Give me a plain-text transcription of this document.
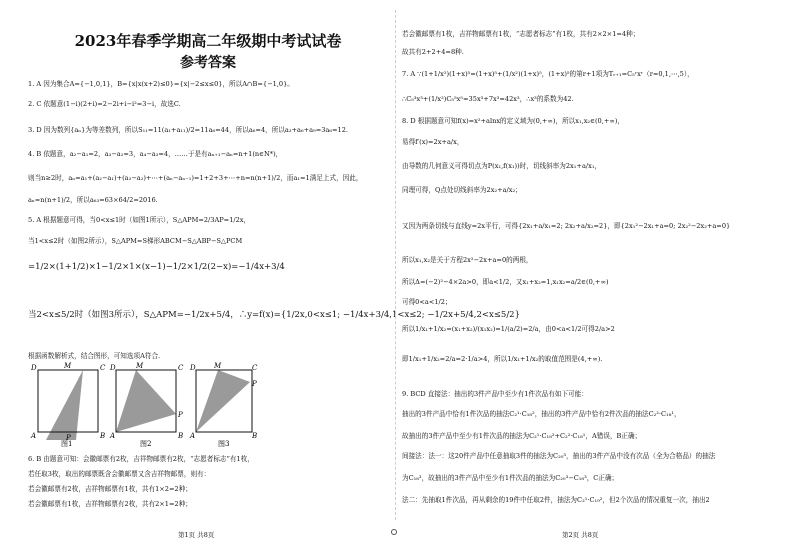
2023年春季学期高二年级期中考试试卷
参考答案
1. A 因为集合A={−1,0,1}，B={x|x(x+2)≤0}={x|−2≤x≤0}，所以A∩B={−1,0}。
2. C 依题意(1−i)(2+i)=2−2i+i−i²=3−i，故选C.
3. D 因为数列{aₙ}为等差数列，所以S₁₁=11(a₁+a₁₁)/2=11a₆=44，所以a₆=4，所以a₃+a₆+a₉=3a₆=12.
4. B 依题意，a₂−a₁=2，a₃−a₂=3，a₄−a₃=4，……于是有aₙ₊₁−aₙ=n+1(n∈N*)，
则当n≥2时，aₙ=a₁+(a₂−a₁)+(a₃−a₂)+⋯+(aₙ−aₙ₋₁)=1+2+3+⋯+n=n(n+1)/2，而a₁=1满足上式，因此，
aₙ=n(n+1)/2，所以a₆₃=63×64/2=2016.
5. A 根据题意可得，当0<x≤1时（如图1所示），S△APM=2/3AP=1/2x，
当1<x≤2时（如图2所示），S△APM=S梯形ABCM−S△ABP−S△PCM
=1/2×(1+1/2)×1−1/2×1×(x−1)−1/2×1/2(2−x)=−1/4x+3/4
当2<x≤5/2时（如图3所示），S△APM=−1/2x+5/4，∴y=f(x)={1/2x,0<x≤1; −1/4x+3/4,1<x≤2; −1/2x+5/4,2<x≤5/2}
根据函数解析式，结合图形，可知选项A符合.
6. B 由题意可知：会徽邮票有2枚，吉祥物邮票有2枚，“志愿者标志”有1枚，
若任取3枚，取出的邮票既含会徽邮票又含吉祥物邮票，则有：
若会徽邮票有2枚，吉祥物邮票有1枚，共有1×2=2种；
若会徽邮票有1枚，吉祥物邮票有2枚，共有2×1=2种；
D	M	C
A	P	B
图1
D	M	C
P
A	B
图2
D	M	C
P
A	B
图3
第1页 共8页
若会徽邮票有1枚，吉祥物邮票有1枚，“志愿者标志”有1枚，共有2×2×1=4种；
故共有2+2+4=8种.
7. A ∵(1+1/x²)(1+x)⁵=(1+x)⁵+(1/x²)(1+x)⁵，(1+x)⁵的第r+1项为Tᵣ₊₁=C₅ʳxʳ（r=0,1,⋯,5），
∴C₅³x³+(1/x²)C₅⁵x⁵=35x³+7x³=42x³，∴x³的系数为42.
8. D 根据题意可知f(x)=x²+alnx的定义域为(0,+∞)，所以x₁,x₂∈(0,+∞)，
易得f′(x)=2x+a/x，
由导数的几何意义可得切点为P(x₁,f(x₁))时，切线斜率为2x₁+a/x₁，
同理可得，Q点处切线斜率为2x₂+a/x₂；
又因为两条切线与直线y=2x平行，可得{2x₁+a/x₁=2; 2x₂+a/x₂=2}，即{2x₁²−2x₁+a=0; 2x₂²−2x₂+a=0}
所以x₁,x₂是关于方程2x²−2x+a=0的两根，
所以Δ=(−2)²−4×2a>0，即a<1/2，又x₁+x₂=1,x₁x₂=a/2∈(0,+∞)
可得0<a<1/2；
所以1/x₁+1/x₂=(x₁+x₂)/(x₁x₂)=1/(a/2)=2/a，由0<a<1/2可得2/a>2
即1/x₁+1/x₂=2/a=2·1/a>4，所以1/x₁+1/x₂的取值范围是(4,+∞).
9. BCD 直接法：抽出的3件产品中至少有1件次品有如下可能：
抽出的3件产品中恰有1件次品的抽法C₂¹·C₁₈²，抽出的3件产品中恰有2件次品的抽法C₂²·C₁₈¹，
故抽出的3件产品中至少有1件次品的抽法为C₂¹·C₁₈²+C₂²·C₁₈¹，A错误，B正确；
间接法：法一：这20件产品中任意抽取3件的抽法为C₂₀³，抽出的3件产品中没有次品（全为合格品）的抽法
为C₁₈³，故抽出的3件产品中至少有1件次品的抽法为C₂₀³−C₁₈³，C正确；
法二：先抽取1件次品，再从剩余的19件中任取2件，抽法为C₂¹·C₁₉²，但2个次品的情况重复一次，抽出2
第2页 共8页
